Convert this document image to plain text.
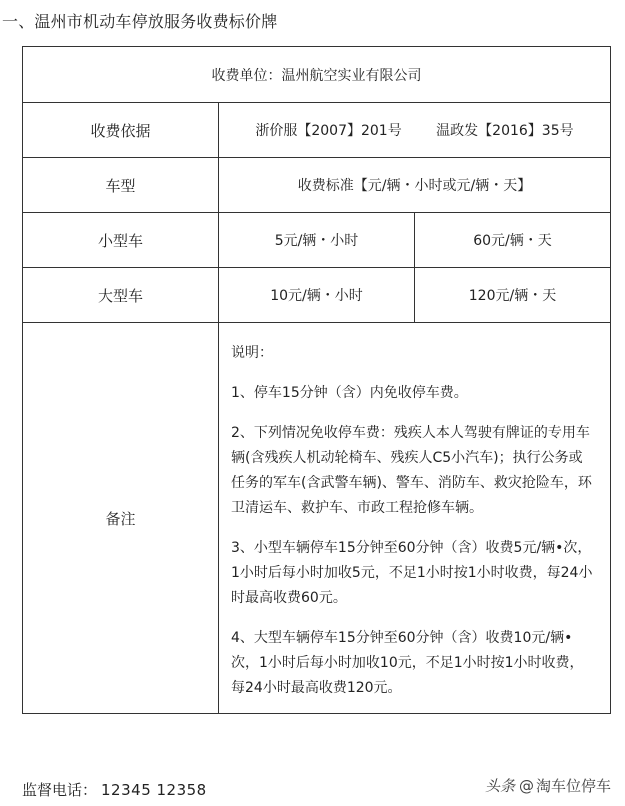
一、温州市机动车停放服务收费标价牌
收费单位：温州航空实业有限公司		
收费依据	浙价服【2007】201号 温政发【2016】35号	
车型	收费标准【元/辆・小时或元/辆・天】	
小型车	5元/辆・小时	60元/辆・天
大型车	10元/辆・小时	120元/辆・天
备注	说明：

1、停车15分钟（含）内免收停车费。

2、下列情况免收停车费：残疾人本人驾驶有牌证的专用车辆(含残疾人机动轮椅车、残疾人C5小汽车)；执行公务或任务的军车(含武警车辆)、警车、消防车、救灾抢险车，环卫清运车、救护车、市政工程抢修车辆。

3、小型车辆停车15分钟至60分钟（含）收费5元/辆•次，1小时后每小时加收5元，不足1小时按1小时收费，每24小时最高收费60元。

4、大型车辆停车15分钟至60分钟（含）收费10元/辆•次，1小时后每小时加收10元，不足1小时按1小时收费，每24小时最高收费120元。	

监督电话： 12345 12358	头条 @ 淘车位停车
